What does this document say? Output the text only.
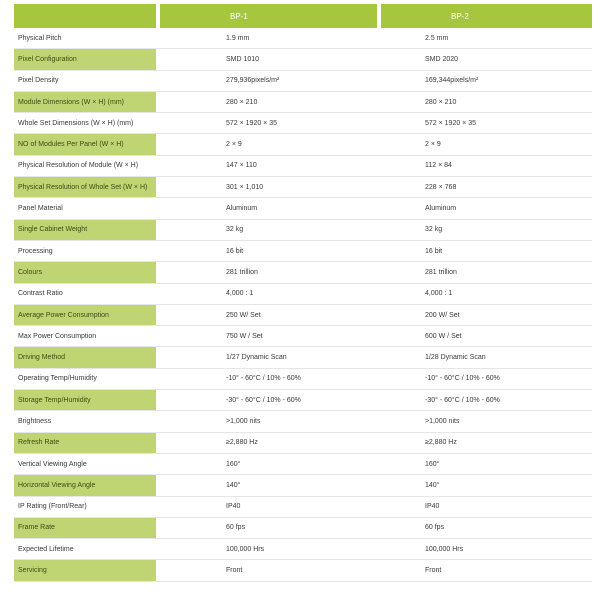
		BP-1		BP-2
Physical Pitch		1.9 mm		2.5 mm
Pixel Configuration		SMD 1010		SMD 2020
Pixel Density		279,936pixels/m²		169,344pixels/m²
Module Dimensions (W × H) (mm)		280 × 210		280 × 210
Whole Set Dimensions (W × H) (mm)		572 × 1920 × 35		572 × 1920 × 35
NO of Modules Per Panel (W × H)		2 × 9		2 × 9
Physical Resolution of Module (W × H)		147 × 110		112 × 84
Physical Resolution of Whole Set (W × H)		301 × 1,010		228 × 768
Panel Material		Aluminum		Aluminum
Single Cabinet Weight		32 kg		32 kg
Processing		16 bit		16 bit
Colours		281 trillion		281 trillion
Contrast Ratio		4,000 : 1		4,000 : 1
Average Power Consumption		250 W/ Set		200 W/ Set
Max Power Consumption		750 W / Set		600 W / Set
Driving Method		1/27 Dynamic Scan		1/28 Dynamic Scan
Operating Temp/Humidity		-10° - 60°C / 10% - 60%		-10° - 60°C / 10% - 60%
Storage Temp/Humidity		-30° - 60°C / 10% - 60%		-30° - 60°C / 10% - 60%
Brightness		>1,000 nits		>1,000 nits
Refresh Rate		≥2,880 Hz		≥2,880 Hz
Vertical Viewing Angle		160°		160°
Horizontal Viewing Angle		140°		140°
IP Rating (Front/Rear)		IP40		IP40
Frame Rate		60 fps		60 fps
Expected Lifetime		100,000 Hrs		100,000 Hrs
Servicing		Front		Front
